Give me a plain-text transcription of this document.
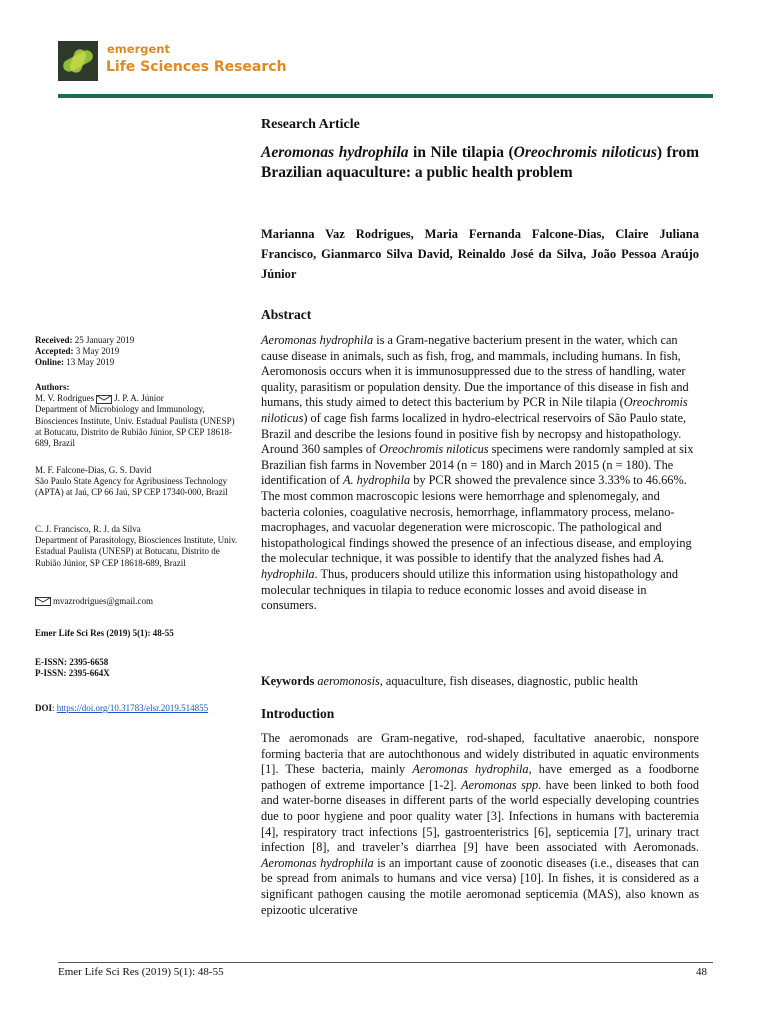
emergent
Life Sciences Research
Research Article
Aeromonas hydrophila in Nile tilapia (Oreochromis niloticus) from Brazilian aquaculture: a public health problem
Marianna Vaz Rodrigues, Maria Fernanda Falcone-Dias, Claire Juliana Francisco, Gianmarco Silva David, Reinaldo José da Silva, João Pessoa Araújo Júnior
Abstract
Aeromonas hydrophila is a Gram-negative bacterium present in the water, which can cause disease in animals, such as fish, frog, and mammals, including humans. In fish, Aeromonosis occurs when it is immunosuppressed due to the stress of handling, water quality, parasitism or population density. Due the importance of this disease in fish and humans, this study aimed to detect this bacterium by PCR in Nile tilapia (Oreochromis niloticus) of cage fish farms localized in hydro-electrical reservoirs of São Paulo state, Brazil and describe the lesions found in positive fish by necropsy and histopathology. Around 360 samples of Oreochromis niloticus specimens were randomly sampled at six Brazilian fish farms in November 2014 (n = 180) and in March 2015 (n = 180). The identification of A. hydrophila by PCR showed the prevalence since 3.33% to 46.66%. The most common macroscopic lesions were hemorrhage and splenomegaly, and bacteria colonies, coagulative necrosis, hemorrhage, inflammatory process, melano-macrophages, and vacuolar degeneration were microscopic. The pathological and histopathological findings showed the presence of an infectious disease, and employing the molecular technique, it was possible to identify that the analyzed fishes had A. hydrophila. Thus, producers should utilize this information using histopathology and molecular techniques in tilapia to reduce economic losses and avoid disease in consumers.
Keywords aeromonosis, aquaculture, fish diseases, diagnostic, public health
Introduction
The aeromonads are Gram-negative, rod-shaped, facultative anaerobic, nonspore forming bacteria that are autochthonous and widely distributed in aquatic environments [1]. These bacteria, mainly Aeromonas hydrophila, have emerged as a foodborne pathogen of extreme importance [1-2]. Aeromonas spp. have been linked to both food and water-borne diseases in different parts of the world especially developing countries due to poor hygiene and poor quality water [3]. Infections in humans with bacteremia [4], respiratory tract infections [5], gastroenteristrics [6], septicemia [7], urinary tract infection [8], and traveler’s diarrhea [9] have been associated with Aeromonads. Aeromonas hydrophila is an important cause of zoonotic diseases (i.e., diseases that can be spread from animals to humans and vice versa) [10]. In fishes, it is considered as a significant pathogen causing the motile aeromonad septicemia (MAS), also known as epizootic ulcerative

Received: 25 January 2019

Accepted: 3 May 2019

Online: 13 May 2019

Authors:

M. V. Rodrigues J. P. A. Júnior

Department of Microbiology and Immunology, Biosciences Institute, Univ. Estadual Paulista (UNESP) at Botucatu, Distrito de Rubião Júnior, SP CEP 18618-689, Brazil

M. F. Falcone-Dias, G. S. David

São Paulo State Agency for Agribusiness Technology (APTA) at Jaú, CP 66 Jaú, SP CEP 17340-000, Brazil

C. J. Francisco, R. J. da Silva

Department of Parasitology, Biosciences Institute, Univ. Estadual Paulista (UNESP) at Botucatu, Distrito de Rubião Júnior, SP CEP 18618-689, Brazil

mvazrodrigues@gmail.com
Emer Life Sci Res (2019) 5(1): 48-55

E-ISSN: 2395-6658

P-ISSN: 2395-664X

DOI: https://doi.org/10.31783/elsr.2019.514855
Emer Life Sci Res (2019) 5(1): 48-55	48
